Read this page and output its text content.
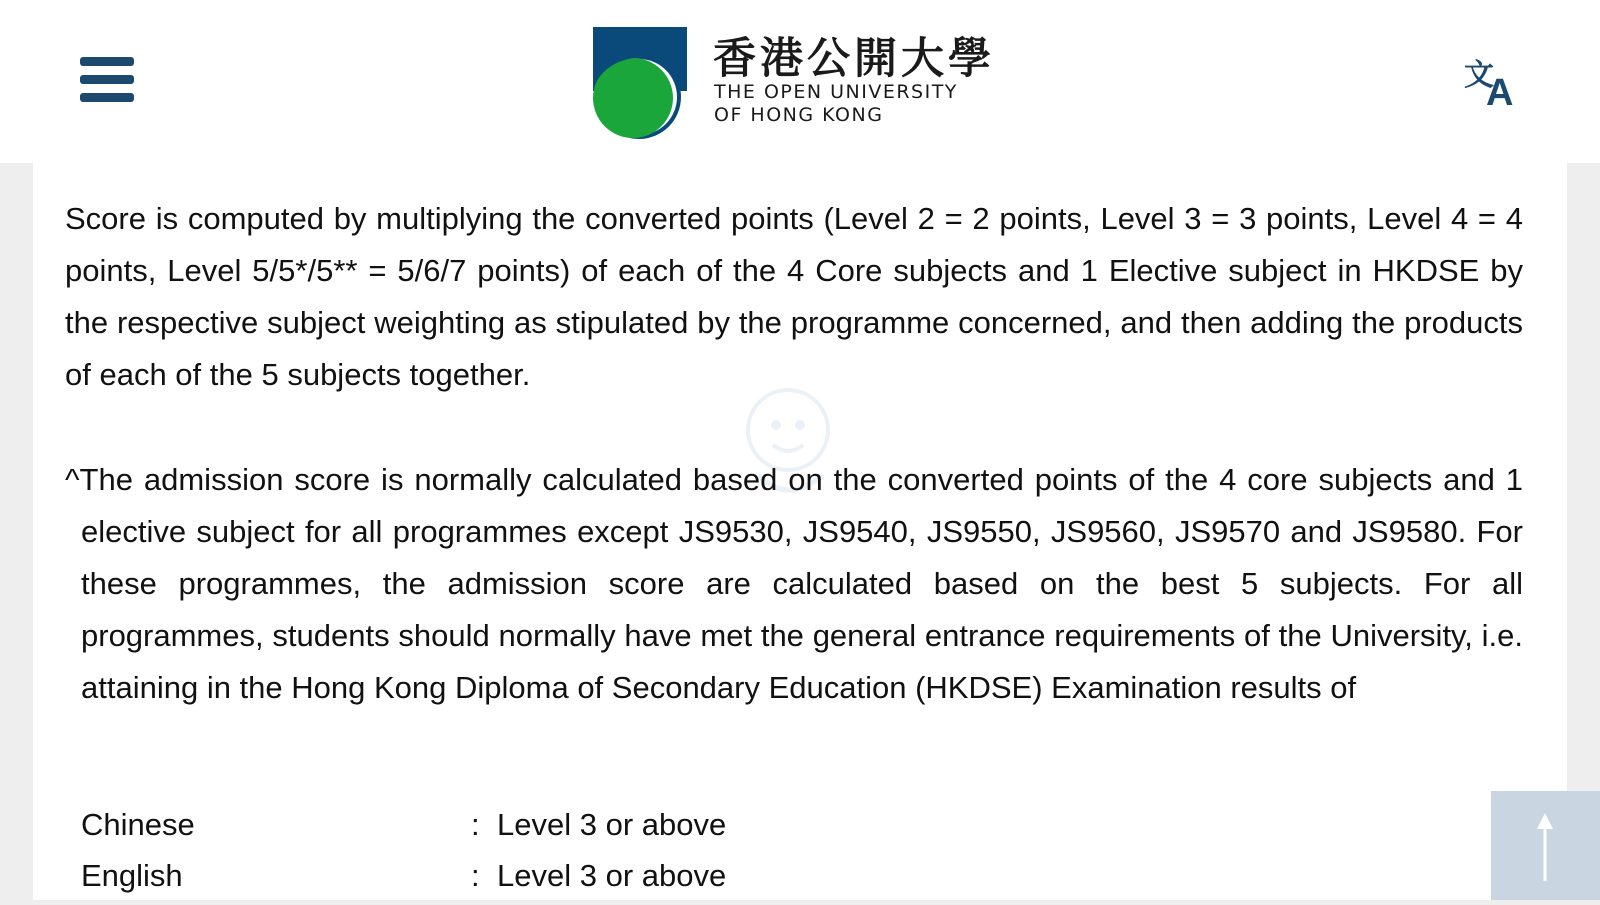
香港公開大學
THE OPEN UNIVERSITY
OF HONG KONG
文
A
Score is computed by multiplying the converted points (Level 2 = 2 points, Level 3 = 3 points, Level 4 = 4 points, Level 5/5*/5** = 5/6/7 points) of each of the 4 Core subjects and 1 Elective subject in HKDSE by the respective subject weighting as stipulated by the programme concerned, and then adding the products of each of the 5 subjects together.
^The admission score is normally calculated based on the converted points of the 4 core subjects and 1 elective subject for all programmes except JS9530, JS9540, JS9550, JS9560, JS9570 and JS9580. For these programmes, the admission score are calculated based on the best 5 subjects. For all programmes, students should normally have met the general entrance requirements of the University, i.e. attaining in the Hong Kong Diploma of Secondary Education (HKDSE) Examination results of
Chinese	: Level 3 or above
English	: Level 3 or above
